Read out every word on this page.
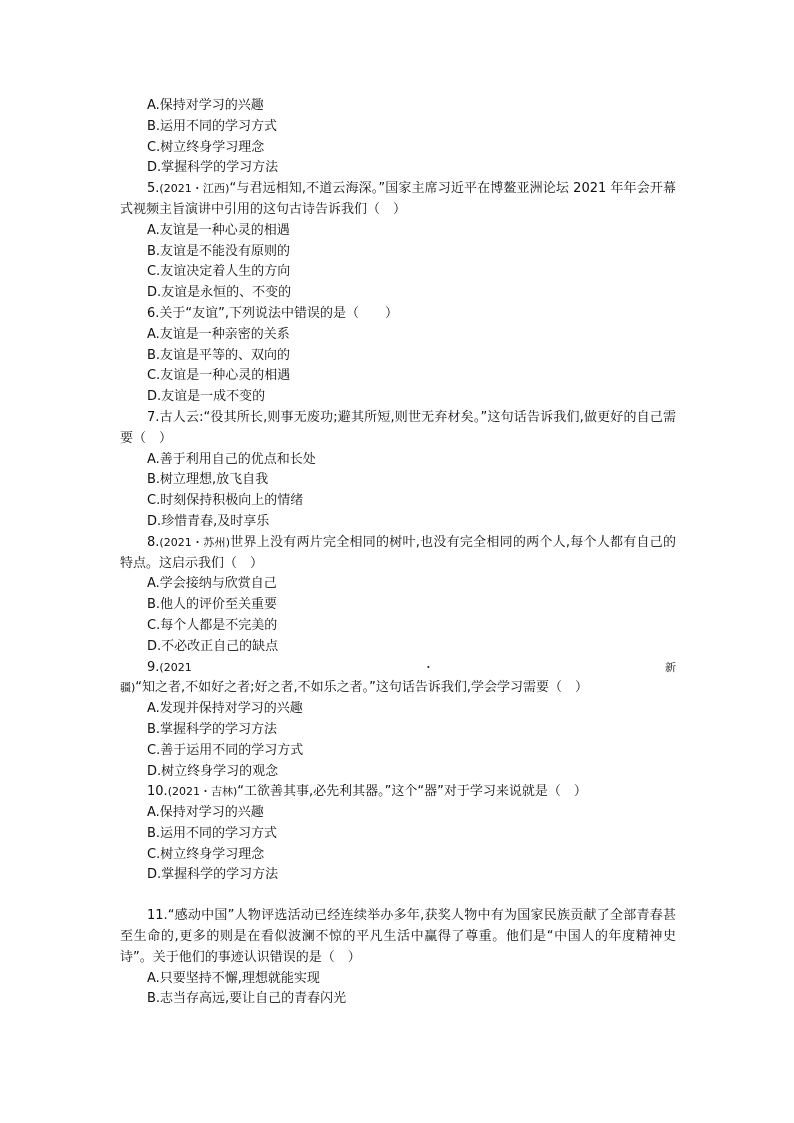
A.保持对学习的兴趣
B.运用不同的学习方式
C.树立终身学习理念
D.掌握科学的学习方法
5.(2021・江西)“与君远相知,不道云海深。”国家主席习近平在博鳌亚洲论坛 2021 年年会开幕式视频主旨演讲中引用的这句古诗告诉我们（　）
A.友谊是一种心灵的相遇
B.友谊是不能没有原则的
C.友谊决定着人生的方向
D.友谊是永恒的、不变的
6.关于“友谊”,下列说法中错误的是（　　）
A.友谊是一种亲密的关系
B.友谊是平等的、双向的
C.友谊是一种心灵的相遇
D.友谊是一成不变的
7.古人云:“役其所长,则事无废功;避其所短,则世无弃材矣。”这句话告诉我们,做更好的自己需要（　）
A.善于利用自己的优点和长处
B.树立理想,放飞自我
C.时刻保持积极向上的情绪
D.珍惜青春,及时享乐
8.(2021・苏州)世界上没有两片完全相同的树叶,也没有完全相同的两个人,每个人都有自己的特点。这启示我们（　）
A.学会接纳与欣赏自己
B.他人的评价至关重要
C.每个人都是不完美的
D.不必改正自己的缺点
9.(2021・新疆)“知之者,不如好之者;好之者,不如乐之者。”这句话告诉我们,学会学习需要（　）
A.发现并保持对学习的兴趣
B.掌握科学的学习方法
C.善于运用不同的学习方式
D.树立终身学习的观念
10.(2021・吉林)“工欲善其事,必先利其器。”这个“器”对于学习来说就是（　）
A.保持对学习的兴趣
B.运用不同的学习方式
C.树立终身学习理念
D.掌握科学的学习方法
11.“感动中国”人物评选活动已经连续举办多年,获奖人物中有为国家民族贡献了全部青春甚至生命的,更多的则是在看似波澜不惊的平凡生活中赢得了尊重。他们是“中国人的年度精神史诗”。关于他们的事迹认识错误的是（　）
A.只要坚持不懈,理想就能实现
B.志当存高远,要让自己的青春闪光
